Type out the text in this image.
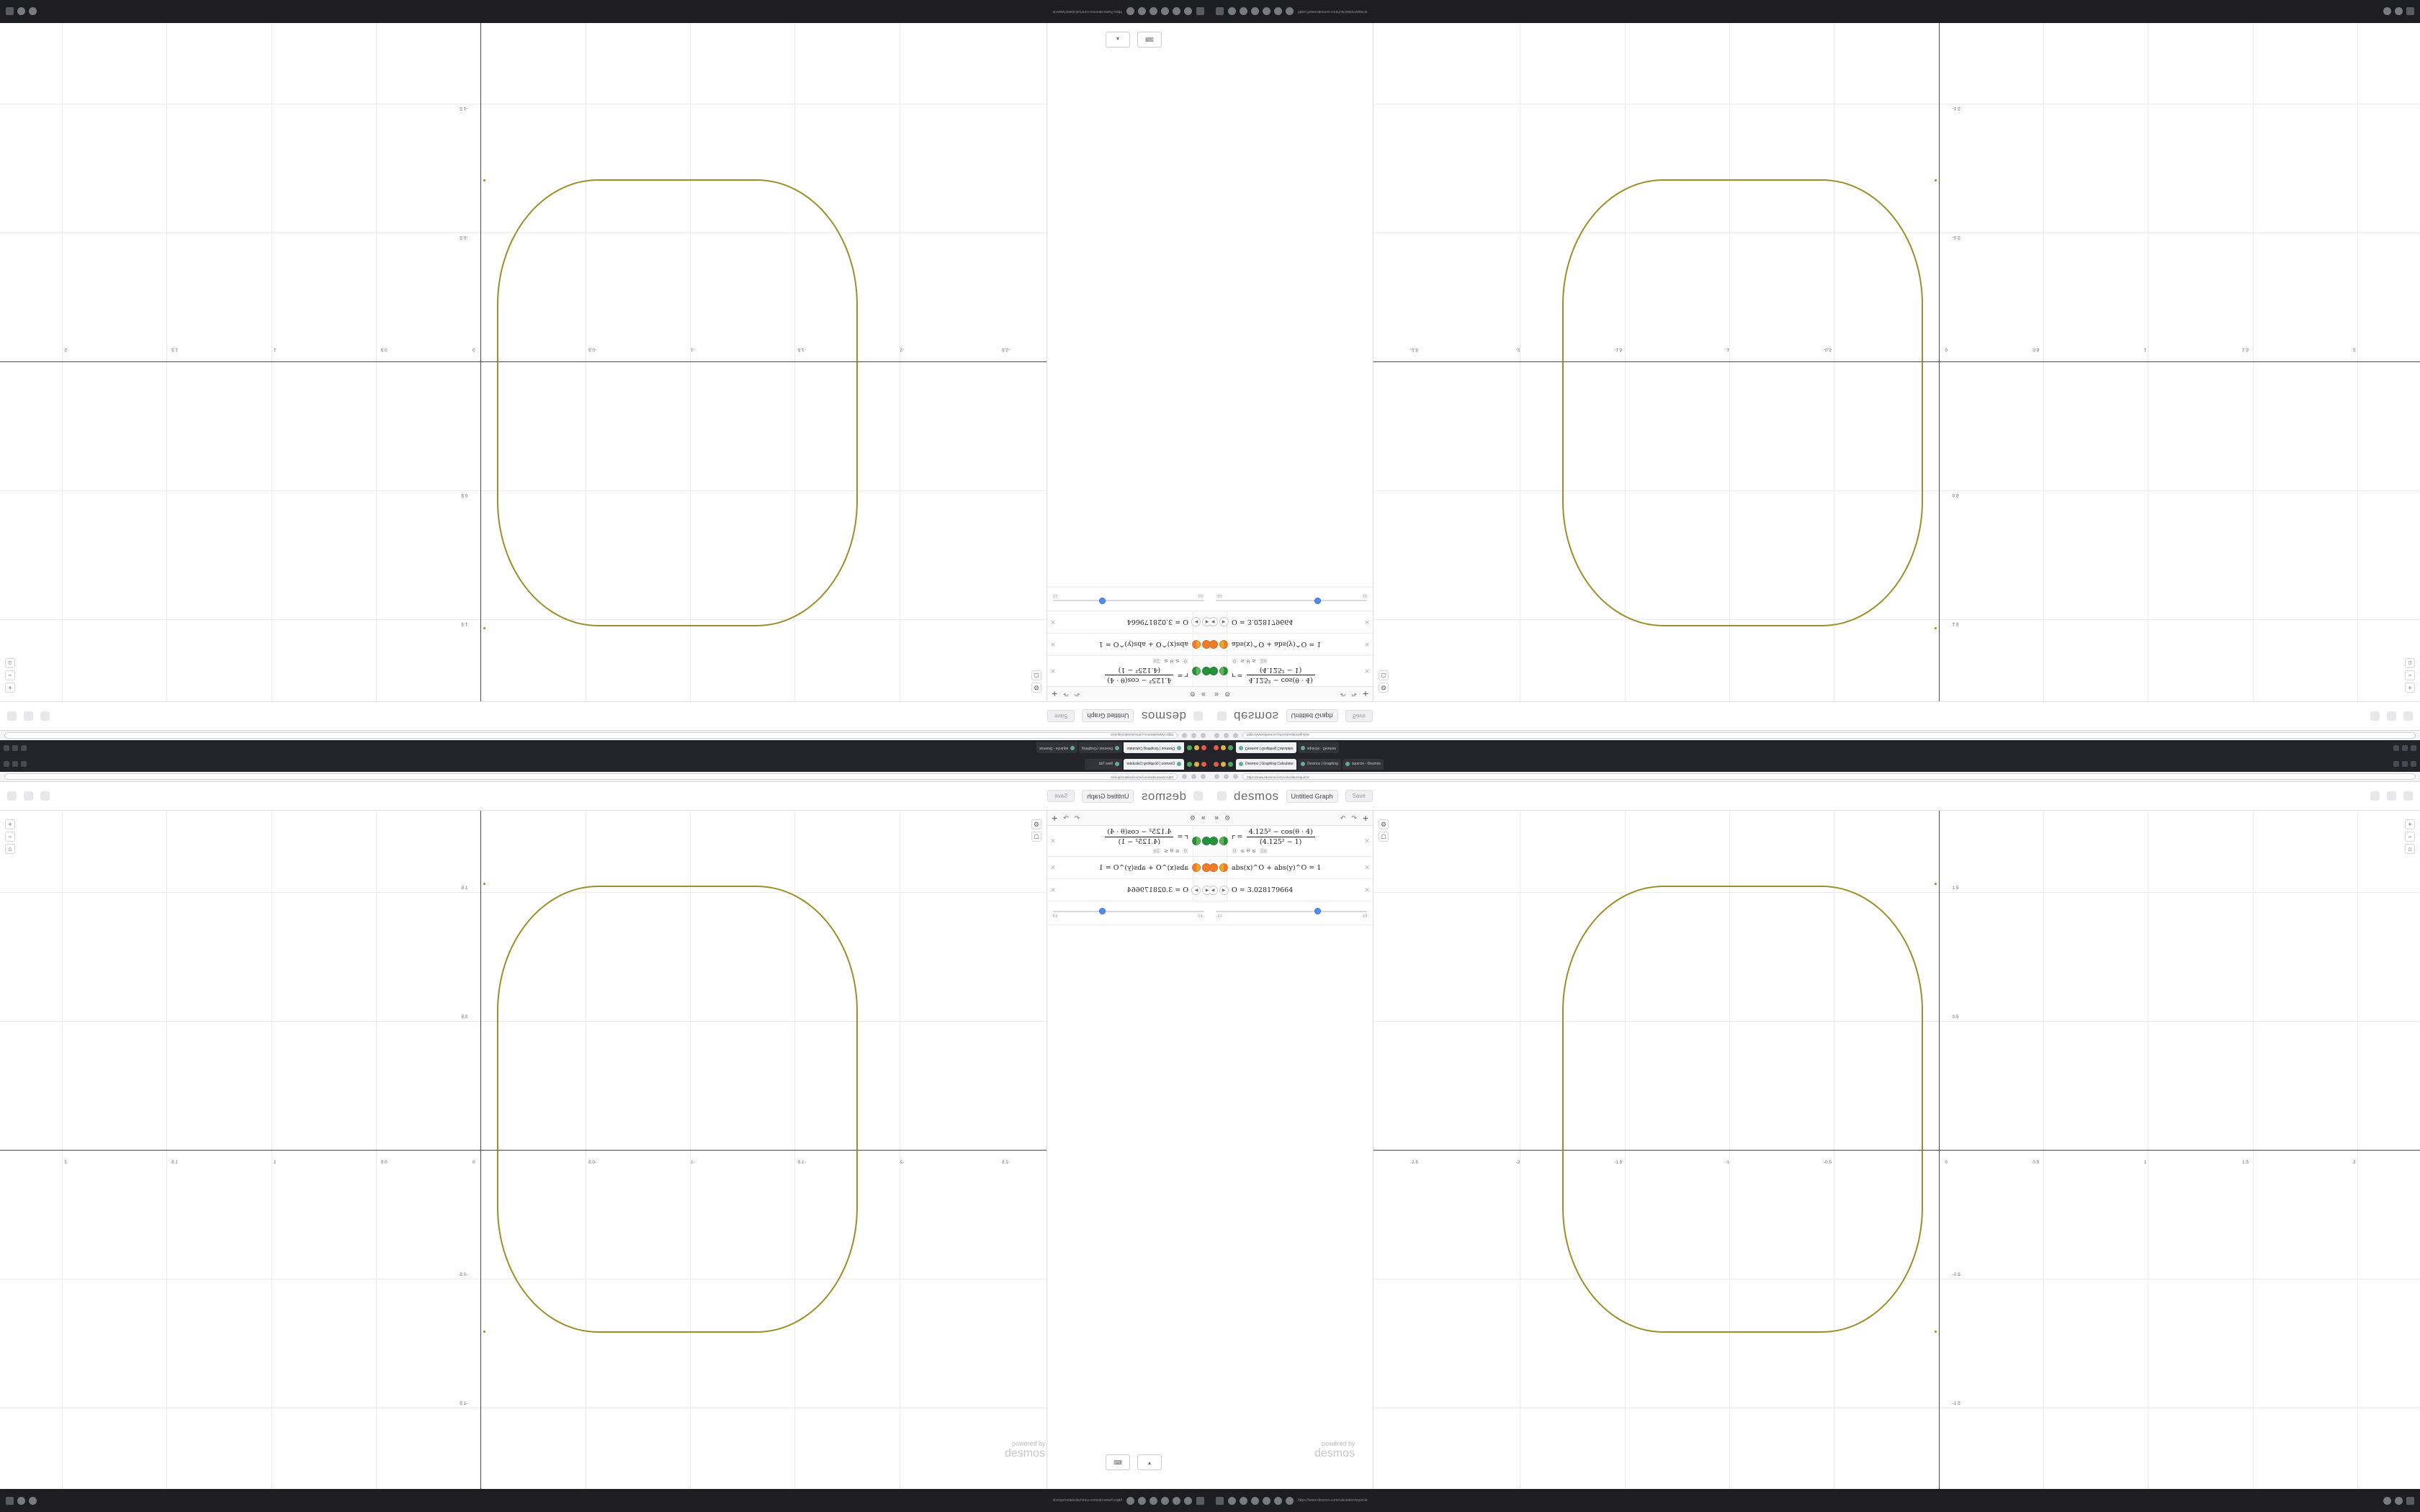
Desmos | Graphing Calculator
Desmos | Graphing
squircle - Desmos
https://www.desmos.com/calculator/squircle
desmos
Untitled Graph
Save
»
⚙
↶
↷
+
r =
4.125² − cos(θ · 4)
(4.125² − 1)
0
≤ θ ≤
2π
✕
abs(x)^O + abs(y)^O = 1
✕
◀
▶
O = 3.028179664
✕
-10
10
-2.5
-2
-1.5
-1
-0.5
0
0.5
1
1.5
2
1.5
0.5
-0.5
-1.5
⚙
☖
+
−
⌂
https://www.desmos.com/calculator/squircle
Desmos | Graphing Calculator	squircle - Desmos
https://www.desmos.com/calculator/squircle
desmos	Untitled Graph	Save
» ⚙	↶ ↷ +
r =
4.125² − cos(θ · 4)
(4.125² − 1)
0 ≤ θ ≤ 2π
✕
abs(x)^O + abs(y)^O = 1	✕
◀	▶ O = 3.028179664	✕
-10	10
-2.5	-2	-1.5	-1	-0.5	0	0.5	1	1.5	2
1.5
0.5
-0.5
-1.5
⚙
☖
+
−
⌂
https://www.desmos.com/calculator/squircle
Desmos | Graphing Calculator
New Tab
https://www.desmos.com/calculator/squircle
desmos
Untitled Graph
Save
»
⚙
↶
↷
+
r =
$\frac{\text{4.125² − cos(θ · 4)}}{\text{(4.125² − 1)}}$
0
≤ θ ≤
2π
✕
abs(x)^O + abs(y)^O = 1
✕
◀
▶
O = 3.028179664
✕
-10
10
-2.5
-2
-1.5
-1
-0.5
0
0.5
1
1.5
2
1.5
0.5
-0.5
-1.5
⚙
☖
+
−
⌂
https://www.desmos.com/calculator/squircle
Desmos | Graphing Calculator	Desmos | Graphing	squircle - Desmos
https://www.desmos.com/calculator/squircle
desmos	Untitled Graph	Save
» ⚙	↶ ↷ +
$r = \frac{\text{4.125² − cos(θ · 4)}}{\text{(4.125² − 1)}}$
0 ≤ θ ≤ 2π
✕
abs(x)^O + abs(y)^O = 1	✕
◀	▶ O = 3.028179664	✕
-10	10
-2.5	-2	-1.5	-1	-0.5	0	0.5	1	1.5	2
1.5
0.5
-0.5
-1.5
⚙
☖
+
−
⌂
https://www.desmos.com/calculator/squircle
⌨
▴
⌨	▴
powered by
desmos
powered by
desmos
